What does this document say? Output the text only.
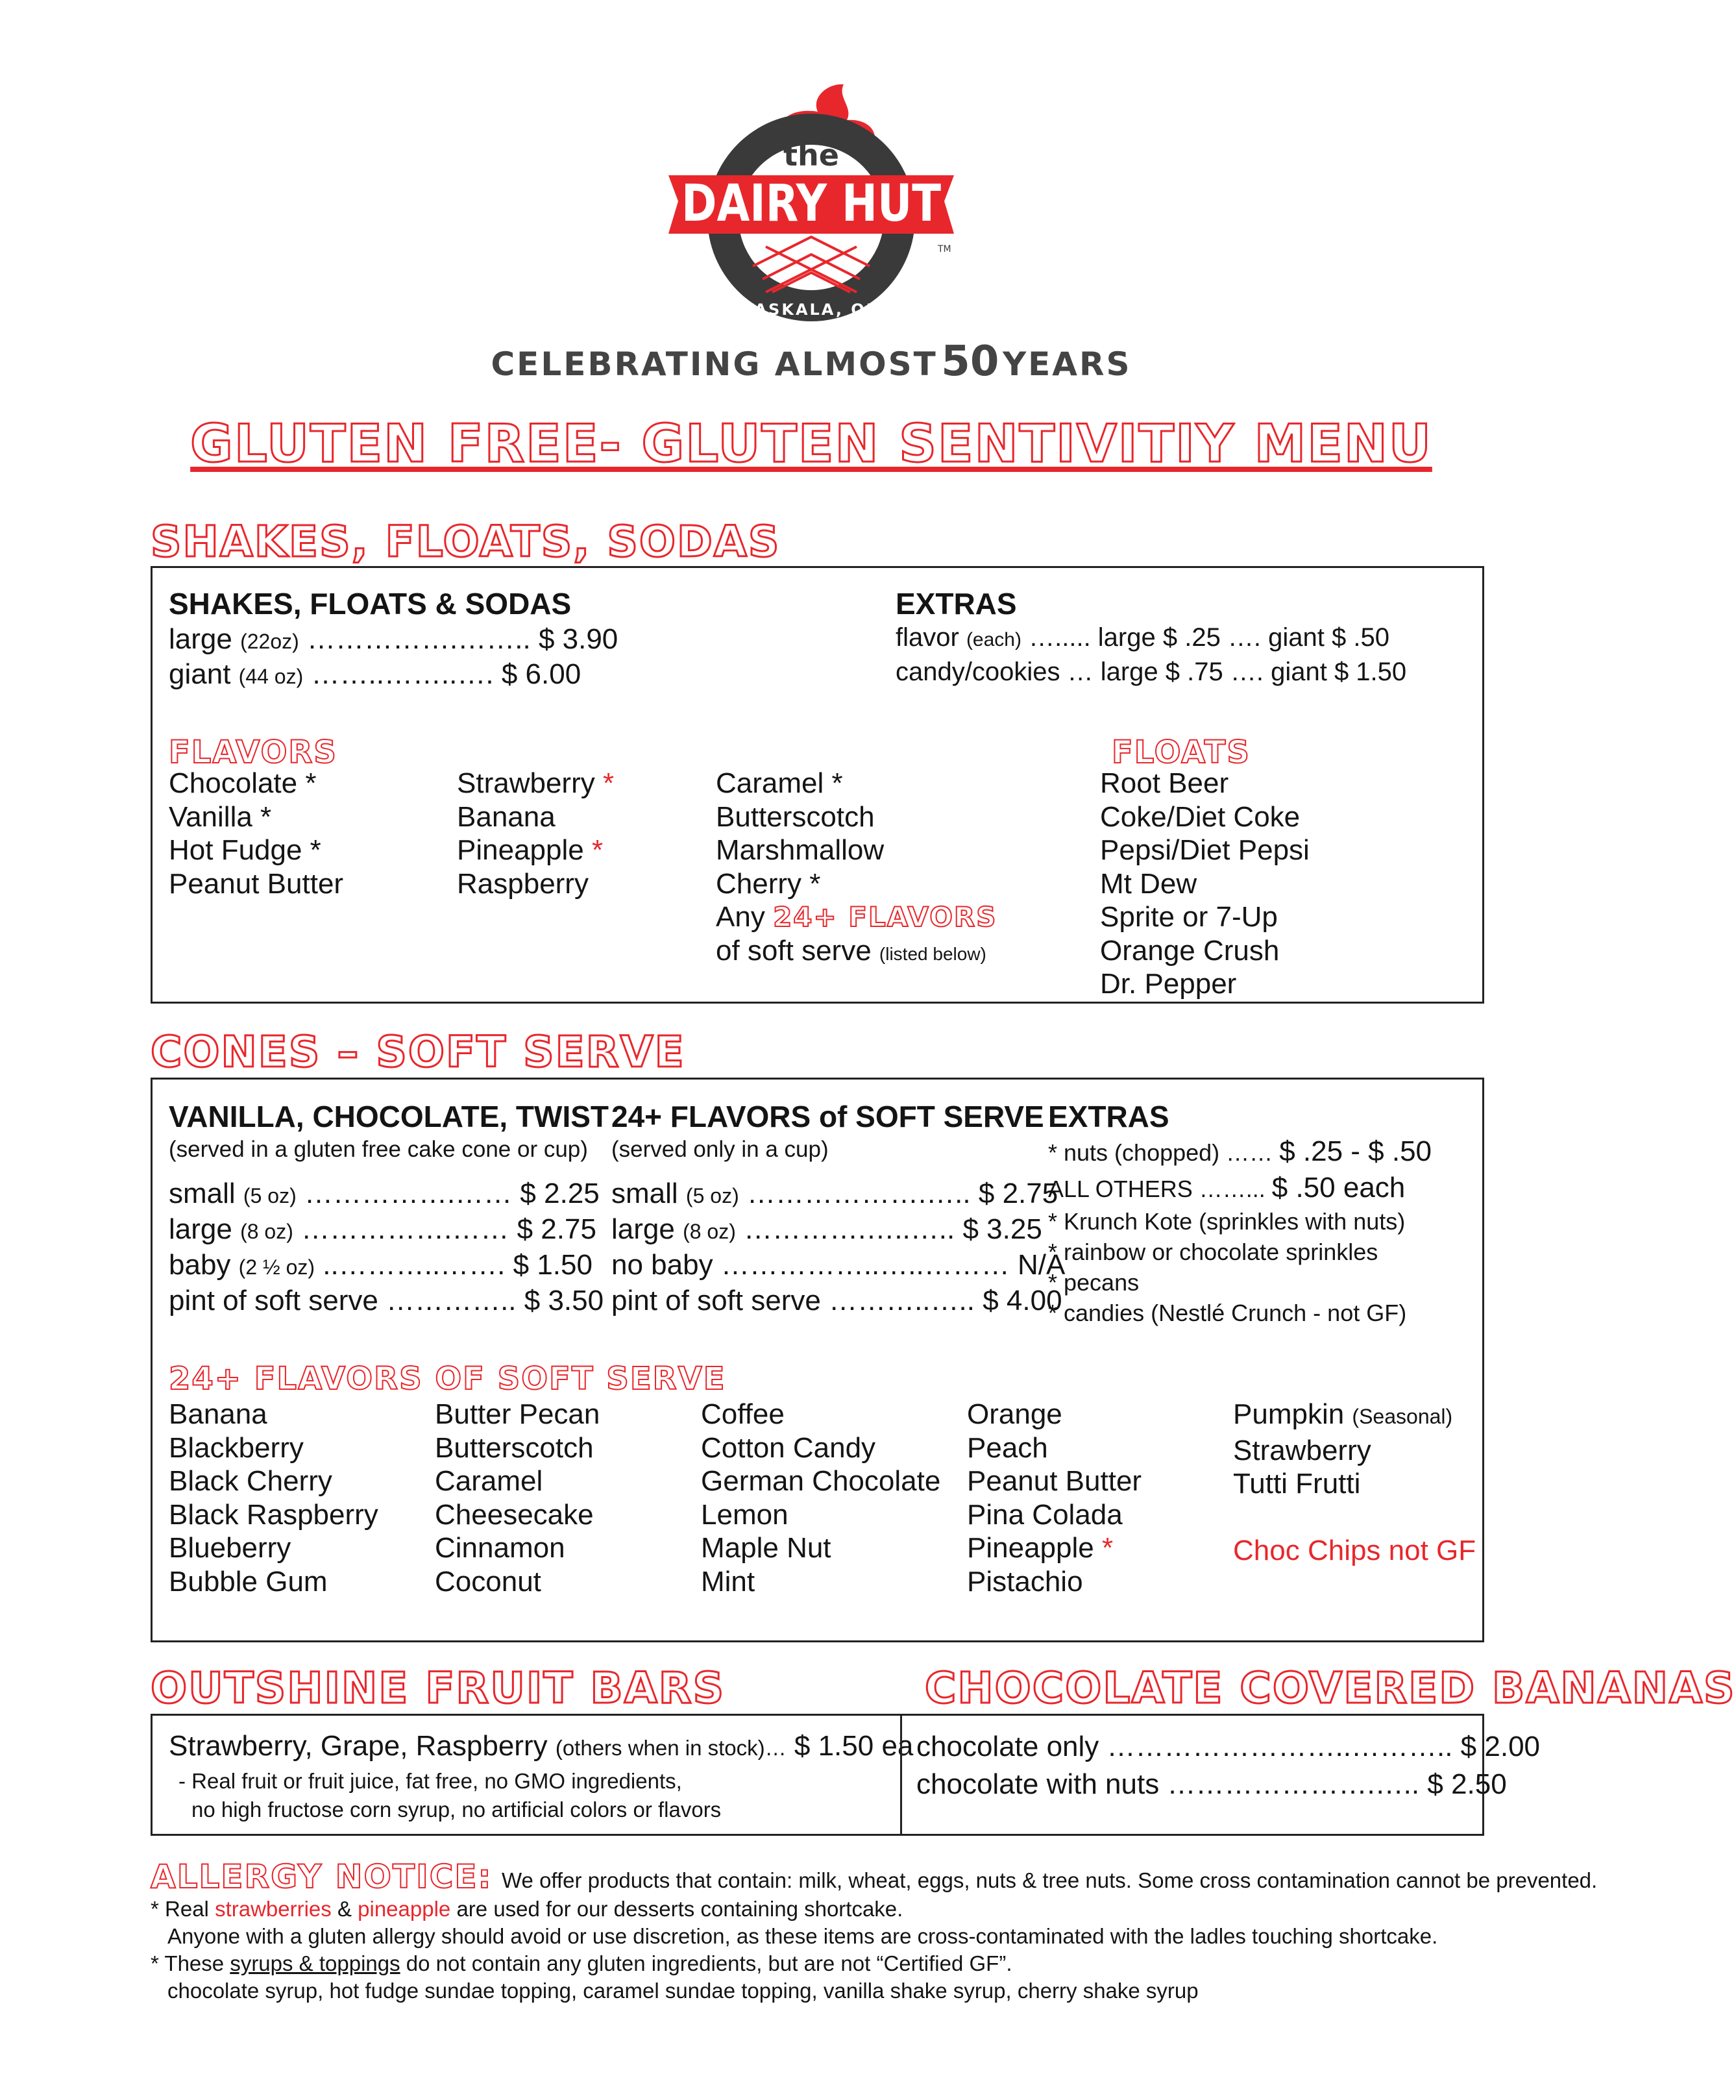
EST.	1973
the
DAIRY HUT
PATASKALA, OHIO
TM
CELEBRATING ALMOST 50 YEARS
GLUTEN FREE- GLUTEN SENTIVITIY MENU
SHAKES, FLOATS, SODAS
SHAKES, FLOATS & SODAS
large (22oz) …………….…….. $ 3.90
giant (44 oz) ……..……..…. $ 6.00
EXTRAS
flavor (each) …..... large $ .25 …. giant $ .50
candy/cookies … large $ .75 …. giant $ 1.50
FLAVORS
Chocolate *
Vanilla *
Hot Fudge *
Peanut Butter
Strawberry *
Banana
Pineapple *
Raspberry
Caramel *
Butterscotch
Marshmallow
Cherry *
Any 24+ FLAVORS
of soft serve (listed below)
FLOATS
Root Beer
Coke/Diet Coke
Pepsi/Diet Pepsi
Mt Dew
Sprite or 7-Up
Orange Crush
Dr. Pepper
CONES – SOFT SERVE
VANILLA, CHOCOLATE, TWIST
(served in a gluten free cake cone or cup)
small (5 oz) …………….…… $ 2.25
large (8 oz) …………….…… $ 2.75
baby (2 ½ oz) ..………..……. $ 1.50
pint of soft serve ………….. $ 3.50
24+ FLAVORS of SOFT SERVE
(served only in a cup)
small (5 oz) ……………….….. $ 2.75
large (8 oz) ………….…..….. $ 3.25
no baby ……………..…..……… N/A
pint of soft serve ………..….. $ 4.00
EXTRAS
* nuts (chopped) …… $ .25 - $ .50
ALL OTHERS ……... $ .50 each
* Krunch Kote (sprinkles with nuts)
* rainbow or chocolate sprinkles
* pecans
* candies (Nestlé Crunch - not GF)
24+ FLAVORS OF SOFT SERVE
Banana
Blackberry
Black Cherry
Black Raspberry
Blueberry
Bubble Gum
Butter Pecan
Butterscotch
Caramel
Cheesecake
Cinnamon
Coconut
Coffee
Cotton Candy
German Chocolate
Lemon
Maple Nut
Mint
Orange
Peach
Peanut Butter
Pina Colada
Pineapple *
Pistachio
Pumpkin (Seasonal)
Strawberry
Tutti Frutti

Choc Chips not GF
OUTSHINE FRUIT BARS	CHOCOLATE COVERED BANANAS
Strawberry, Grape, Raspberry (others when in stock)… $ 1.50 ea
- Real fruit or fruit juice, fat free, no GMO ingredients,
no high fructose corn syrup, no artificial colors or flavors
chocolate only ……………………..……….. $ 2.00
chocolate with nuts ………………….….. $ 2.50
ALLERGY NOTICE: We offer products that contain: milk, wheat, eggs, nuts & tree nuts. Some cross contamination cannot be prevented.
* Real strawberries & pineapple are used for our desserts containing shortcake.
Anyone with a gluten allergy should avoid or use discretion, as these items are cross-contaminated with the ladles touching shortcake.
* These syrups & toppings do not contain any gluten ingredients, but are not “Certified GF”.
chocolate syrup, hot fudge sundae topping, caramel sundae topping, vanilla shake syrup, cherry shake syrup
